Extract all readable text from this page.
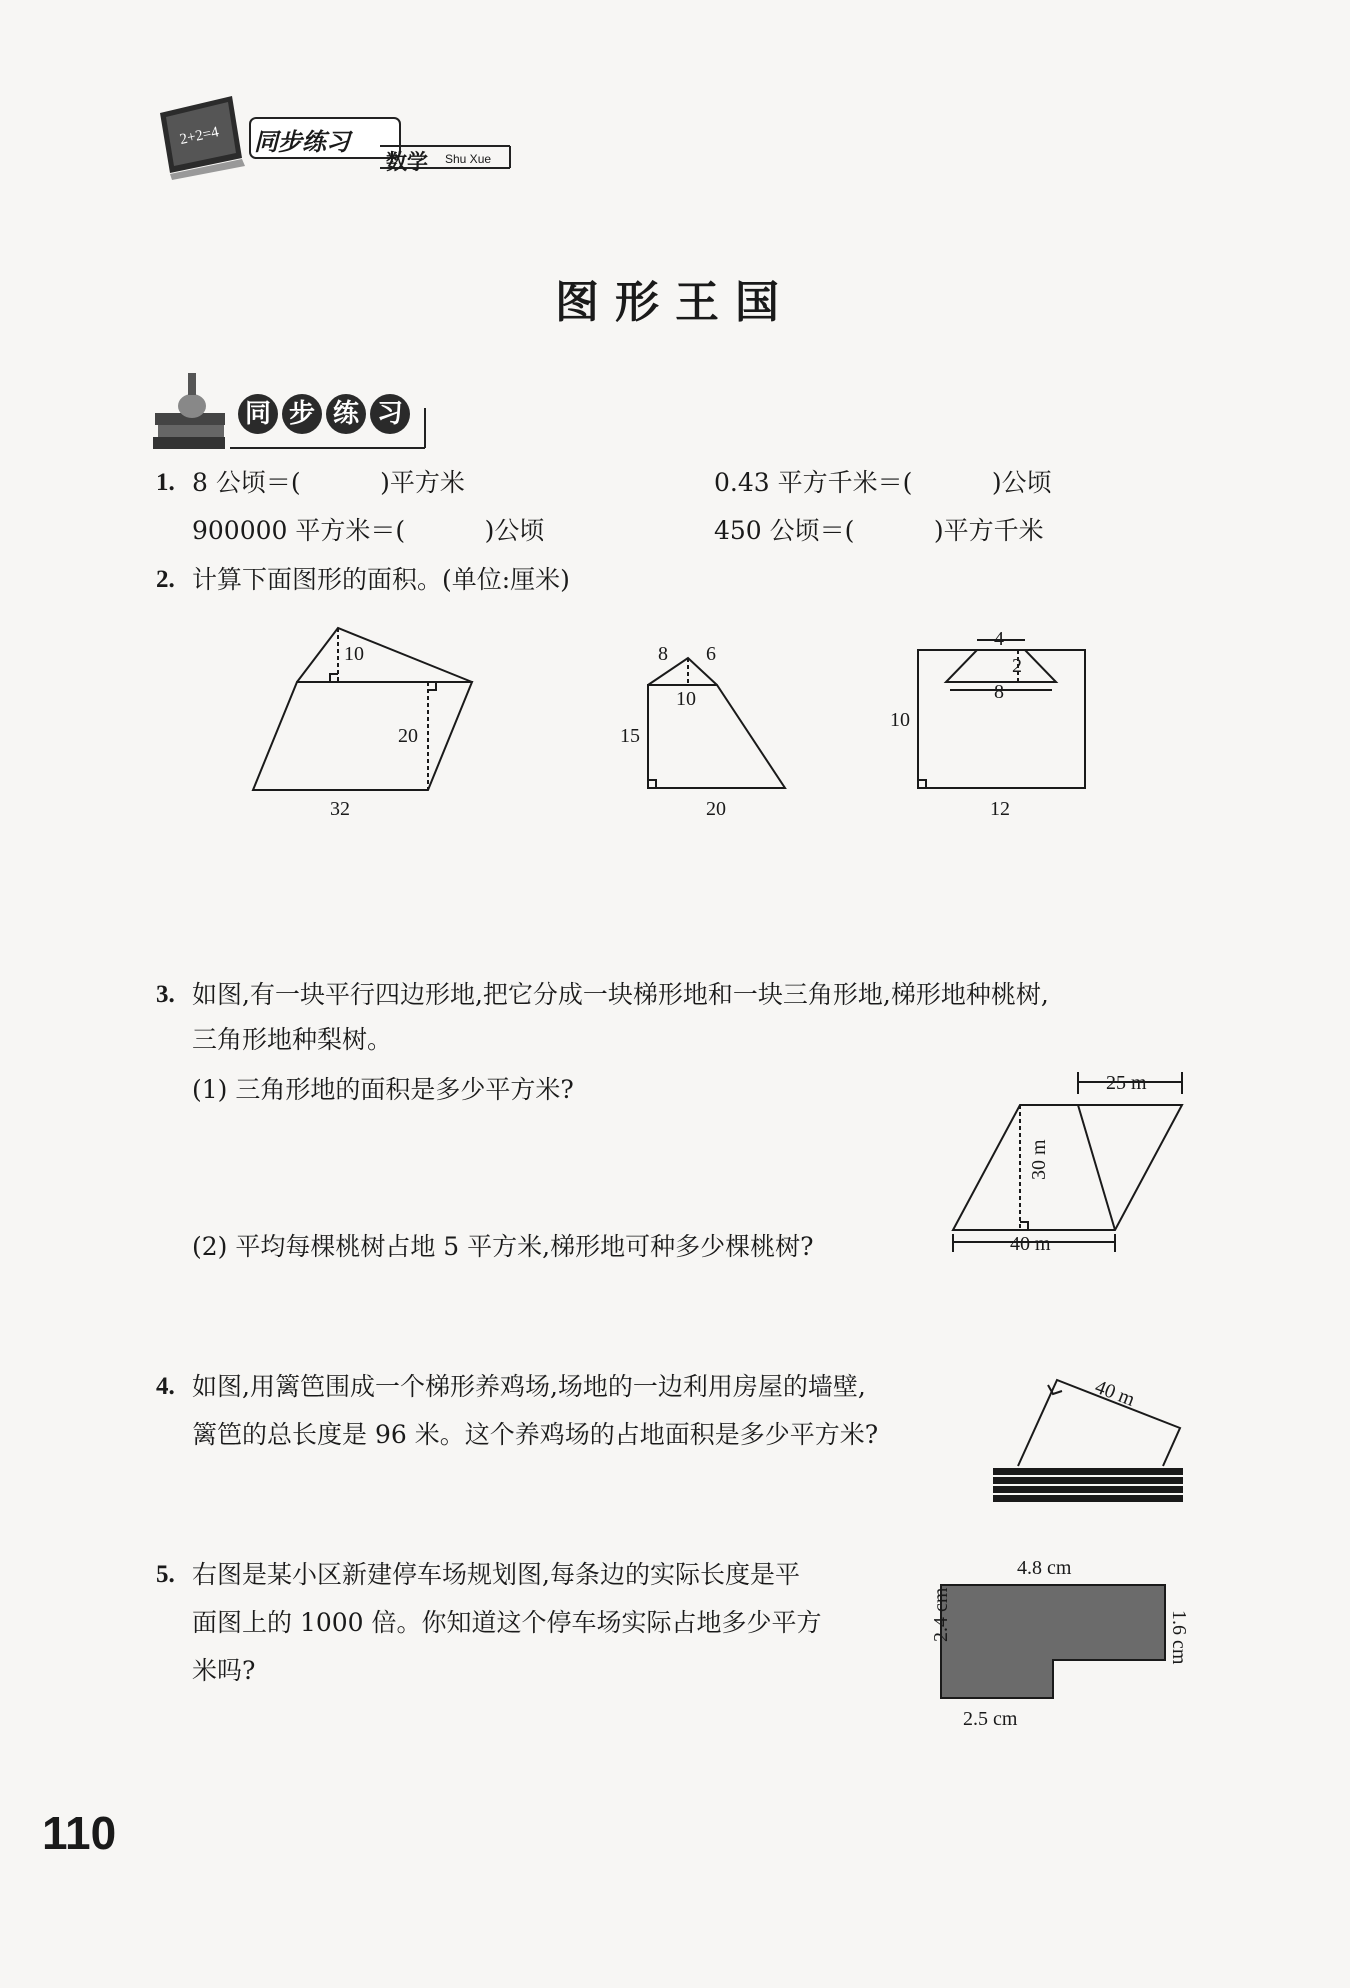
2+2=4 同步练习
数学 Shu Xue
图形王国
同 步 练 习
1. 8 公顷＝(          )平方米	0.43 平方千米＝(          )公顷
900000 平方米＝(          )公顷	450 公顷＝(          )平方千米
2. 计算下面图形的面积。(单位:厘米)
10
20
32
8 6
10
15
20
4
2
8
10
12
3. 如图,有一块平行四边形地,把它分成一块梯形地和一块三角形地,梯形地种桃树,
三角形地种梨树。
(1) 三角形地的面积是多少平方米?
(2) 平均每棵桃树占地 5 平方米,梯形地可种多少棵桃树?
25 m
30 m
40 m
4. 如图,用篱笆围成一个梯形养鸡场,场地的一边利用房屋的墙壁,
篱笆的总长度是 96 米。这个养鸡场的占地面积是多少平方米?
40 m
5. 右图是某小区新建停车场规划图,每条边的实际长度是平
面图上的 1000 倍。你知道这个停车场实际占地多少平方
米吗?
4.8 cm
2.4 cm	1.6 cm
2.5 cm
110
